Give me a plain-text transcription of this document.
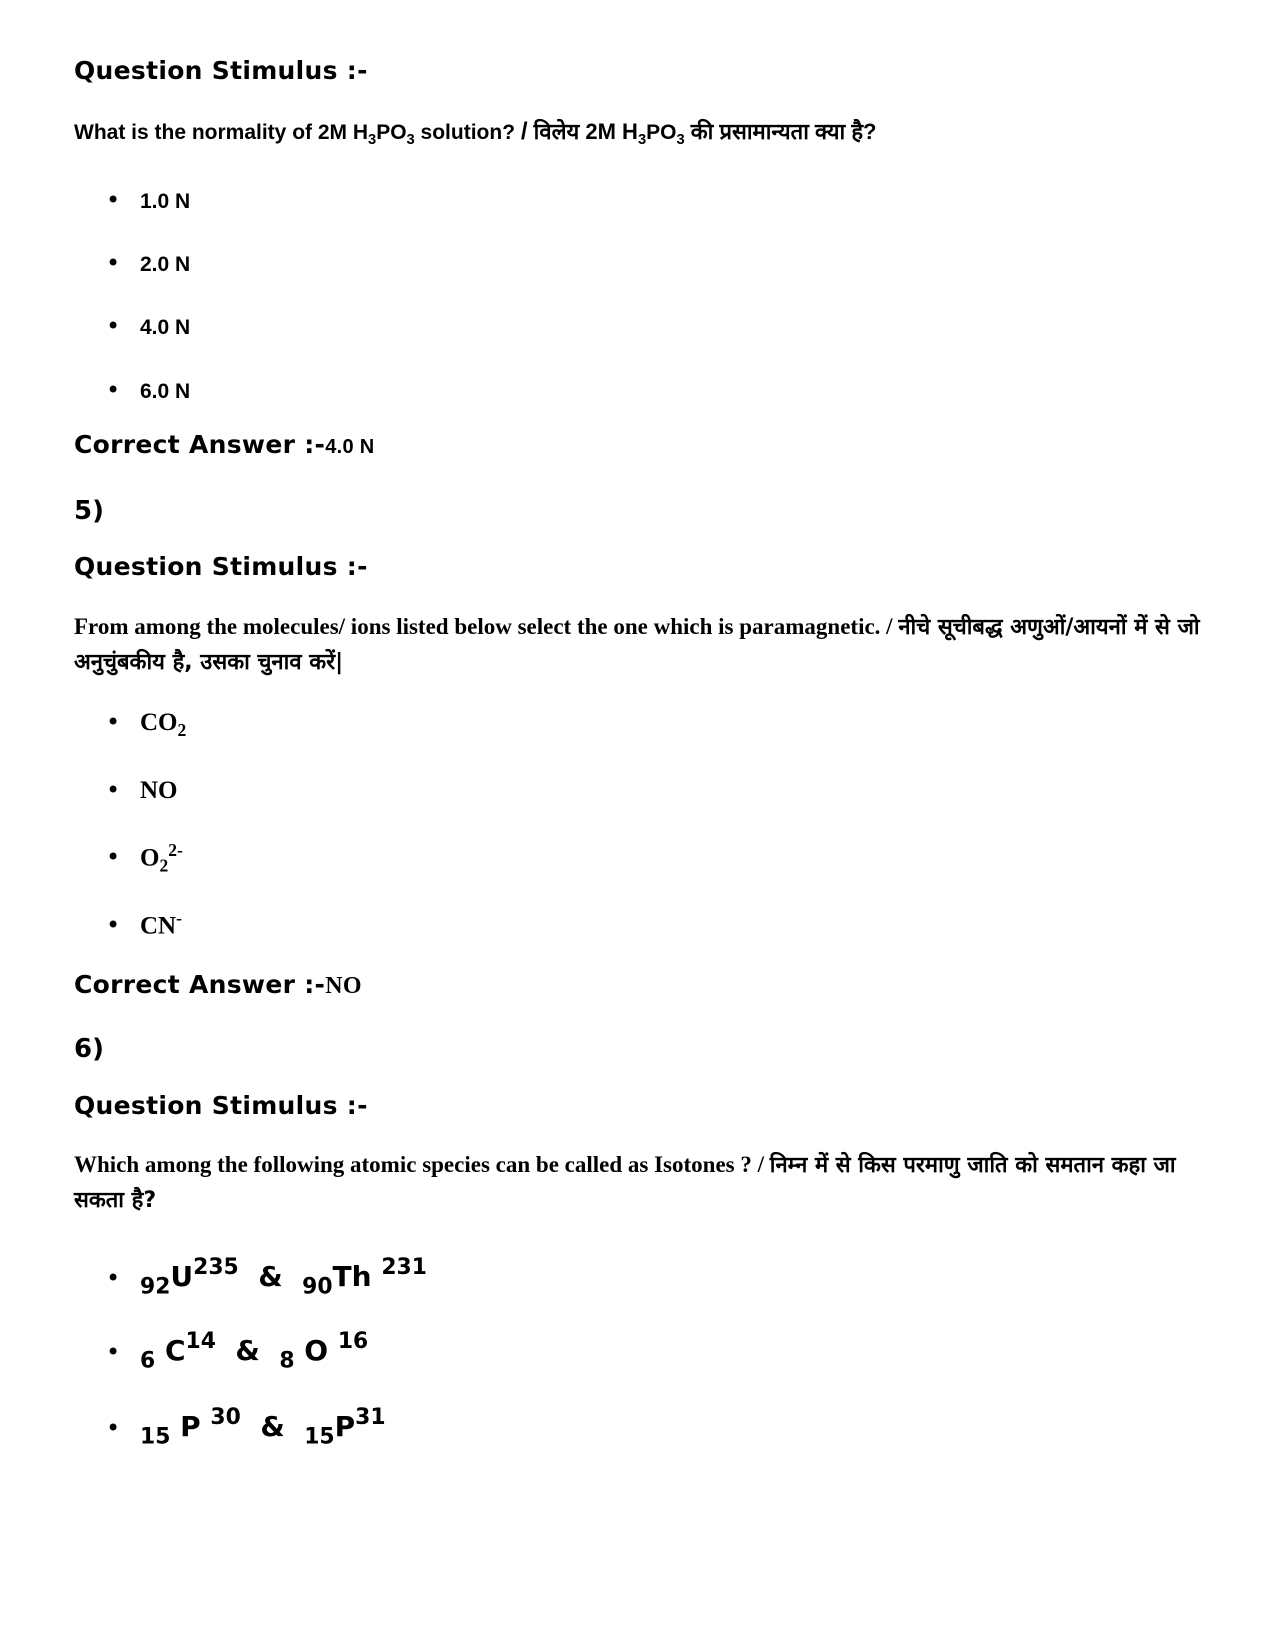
Question Stimulus :-
What is the normality of 2M $H_3PO_3$ solution? / विलेय 2M $H_3PO_3$ की प्रसामान्यता क्या है?
• 1.0 N
• 2.0 N
• 4.0 N
• 6.0 N
Correct Answer :-4.0 N
5)
Question Stimulus :-
From among the molecules/ ions listed below select the one which is paramagnetic. / नीचे सूचीबद्ध अणुओं/आयनों में से जो अनुचुंबकीय है, उसका चुनाव करें|
• $CO_2$
• NO
• $O_2^{2-}$
• CN-
Correct Answer :-NO
6)
Question Stimulus :-
Which among the following atomic species can be called as Isotones ? / निम्न में से किस परमाणु जाति को समतान कहा जा सकता है?
• $_{92}U^{235}$ & $_{90}$Th $^{231}$
• $_6$ $C^{14}$ & $_8$ O $^{16}$
• $_{15}$ P $^{30}$ & $_{15}P^{31}$
